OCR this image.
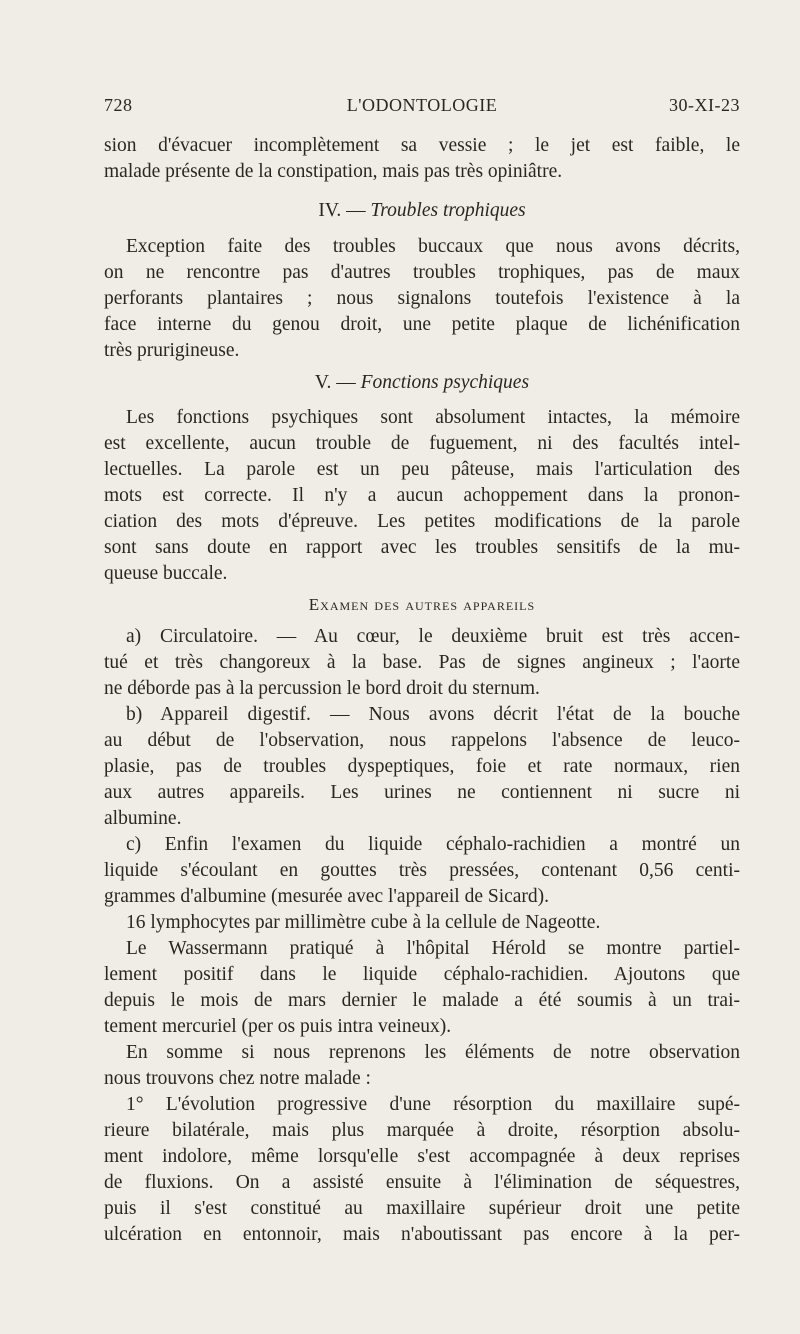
728	L'ODONTOLOGIE	30-XI-23
sion d'évacuer incomplètement sa vessie ; le jet est faible, le
malade présente de la constipation, mais pas très opiniâtre.
IV. — Troubles trophiques
Exception faite des troubles buccaux que nous avons décrits,
on ne rencontre pas d'autres troubles trophiques, pas de maux
perforants plantaires ; nous signalons toutefois l'existence à la
face interne du genou droit, une petite plaque de lichénification
très prurigineuse.
V. — Fonctions psychiques
Les fonctions psychiques sont absolument intactes, la mémoire
est excellente, aucun trouble de fuguement, ni des facultés intel-
lectuelles. La parole est un peu pâteuse, mais l'articulation des
mots est correcte. Il n'y a aucun achoppement dans la pronon-
ciation des mots d'épreuve. Les petites modifications de la parole
sont sans doute en rapport avec les troubles sensitifs de la mu-
queuse buccale.
Examen des autres appareils
a) Circulatoire. — Au cœur, le deuxième bruit est très accen-
tué et très changoreux à la base. Pas de signes angineux ; l'aorte
ne déborde pas à la percussion le bord droit du sternum.
b) Appareil digestif. — Nous avons décrit l'état de la bouche
au début de l'observation, nous rappelons l'absence de leuco-
plasie, pas de troubles dyspeptiques, foie et rate normaux, rien
aux autres appareils. Les urines ne contiennent ni sucre ni
albumine.
c) Enfin l'examen du liquide céphalo-rachidien a montré un
liquide s'écoulant en gouttes très pressées, contenant 0,56 centi-
grammes d'albumine (mesurée avec l'appareil de Sicard).
16 lymphocytes par millimètre cube à la cellule de Nageotte.
Le Wassermann pratiqué à l'hôpital Hérold se montre partiel-
lement positif dans le liquide céphalo-rachidien. Ajoutons que
depuis le mois de mars dernier le malade a été soumis à un trai-
tement mercuriel (per os puis intra veineux).
En somme si nous reprenons les éléments de notre observation
nous trouvons chez notre malade :
1° L'évolution progressive d'une résorption du maxillaire supé-
rieure bilatérale, mais plus marquée à droite, résorption absolu-
ment indolore, même lorsqu'elle s'est accompagnée à deux reprises
de fluxions. On a assisté ensuite à l'élimination de séquestres,
puis il s'est constitué au maxillaire supérieur droit une petite
ulcération en entonnoir, mais n'aboutissant pas encore à la per-
